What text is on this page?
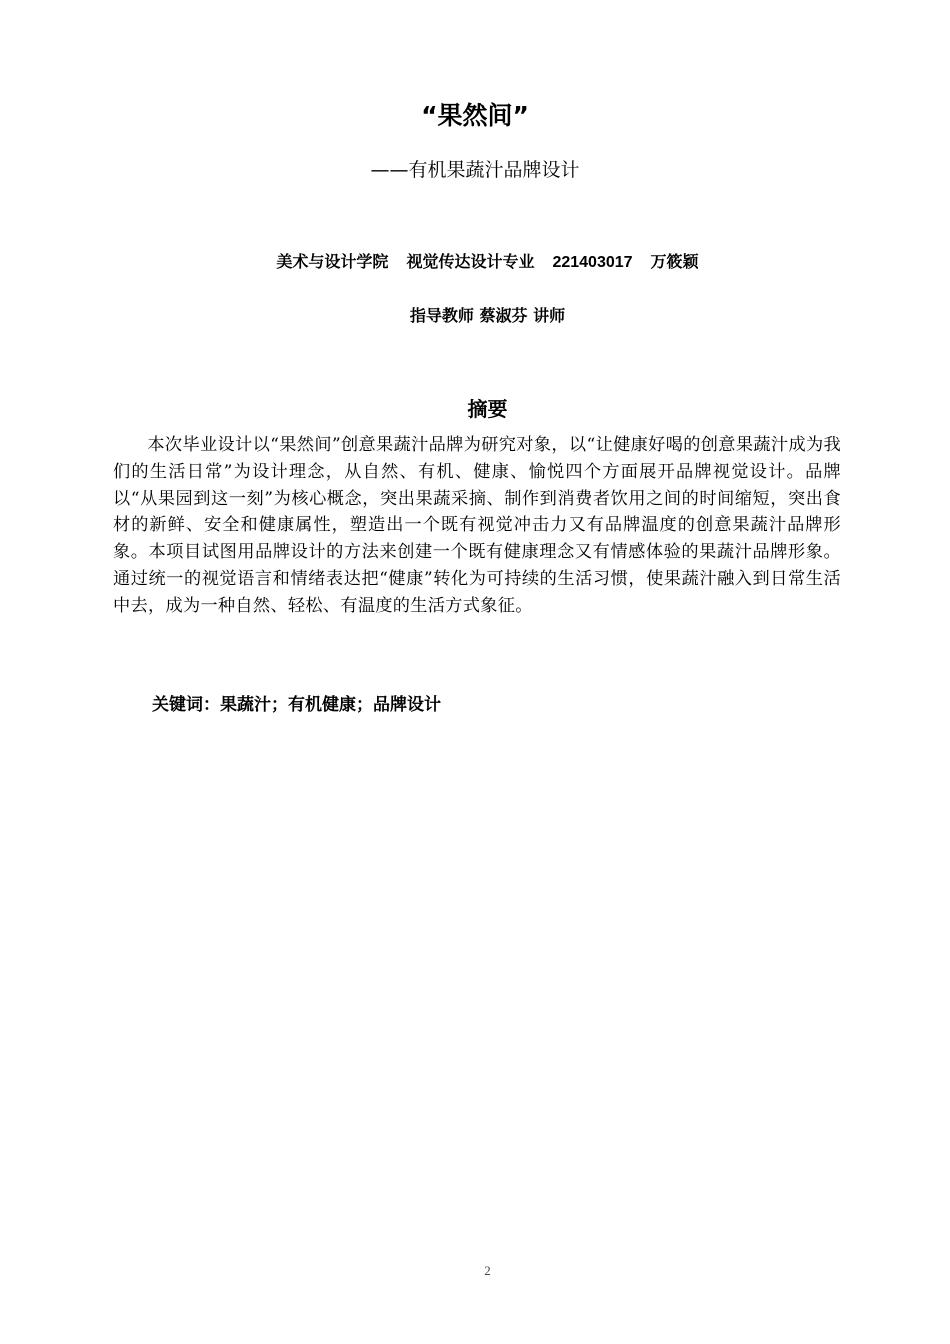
“果然间”

——有机果蔬汁品牌设计

美术与设计学院 视觉传达设计专业 221403017 万筱颖

指导教师 蔡淑芬 讲师

摘要

本次毕业设计以“果然间”创意果蔬汁品牌为研究对象，以“让健康好喝的创意果蔬汁成为我们的生活日常”为设计理念，从自然、有机、健康、愉悦四个方面展开品牌视觉设计。品牌以“从果园到这一刻”为核心概念，突出果蔬采摘、制作到消费者饮用之间的时间缩短，突出食材的新鲜、安全和健康属性，塑造出一个既有视觉冲击力又有品牌温度的创意果蔬汁品牌形象。本项目试图用品牌设计的方法来创建一个既有健康理念又有情感体验的果蔬汁品牌形象。通过统一的视觉语言和情绪表达把“健康”转化为可持续的生活习惯，使果蔬汁融入到日常生活中去，成为一种自然、轻松、有温度的生活方式象征。

关键词：果蔬汁；有机健康；品牌设计

2
